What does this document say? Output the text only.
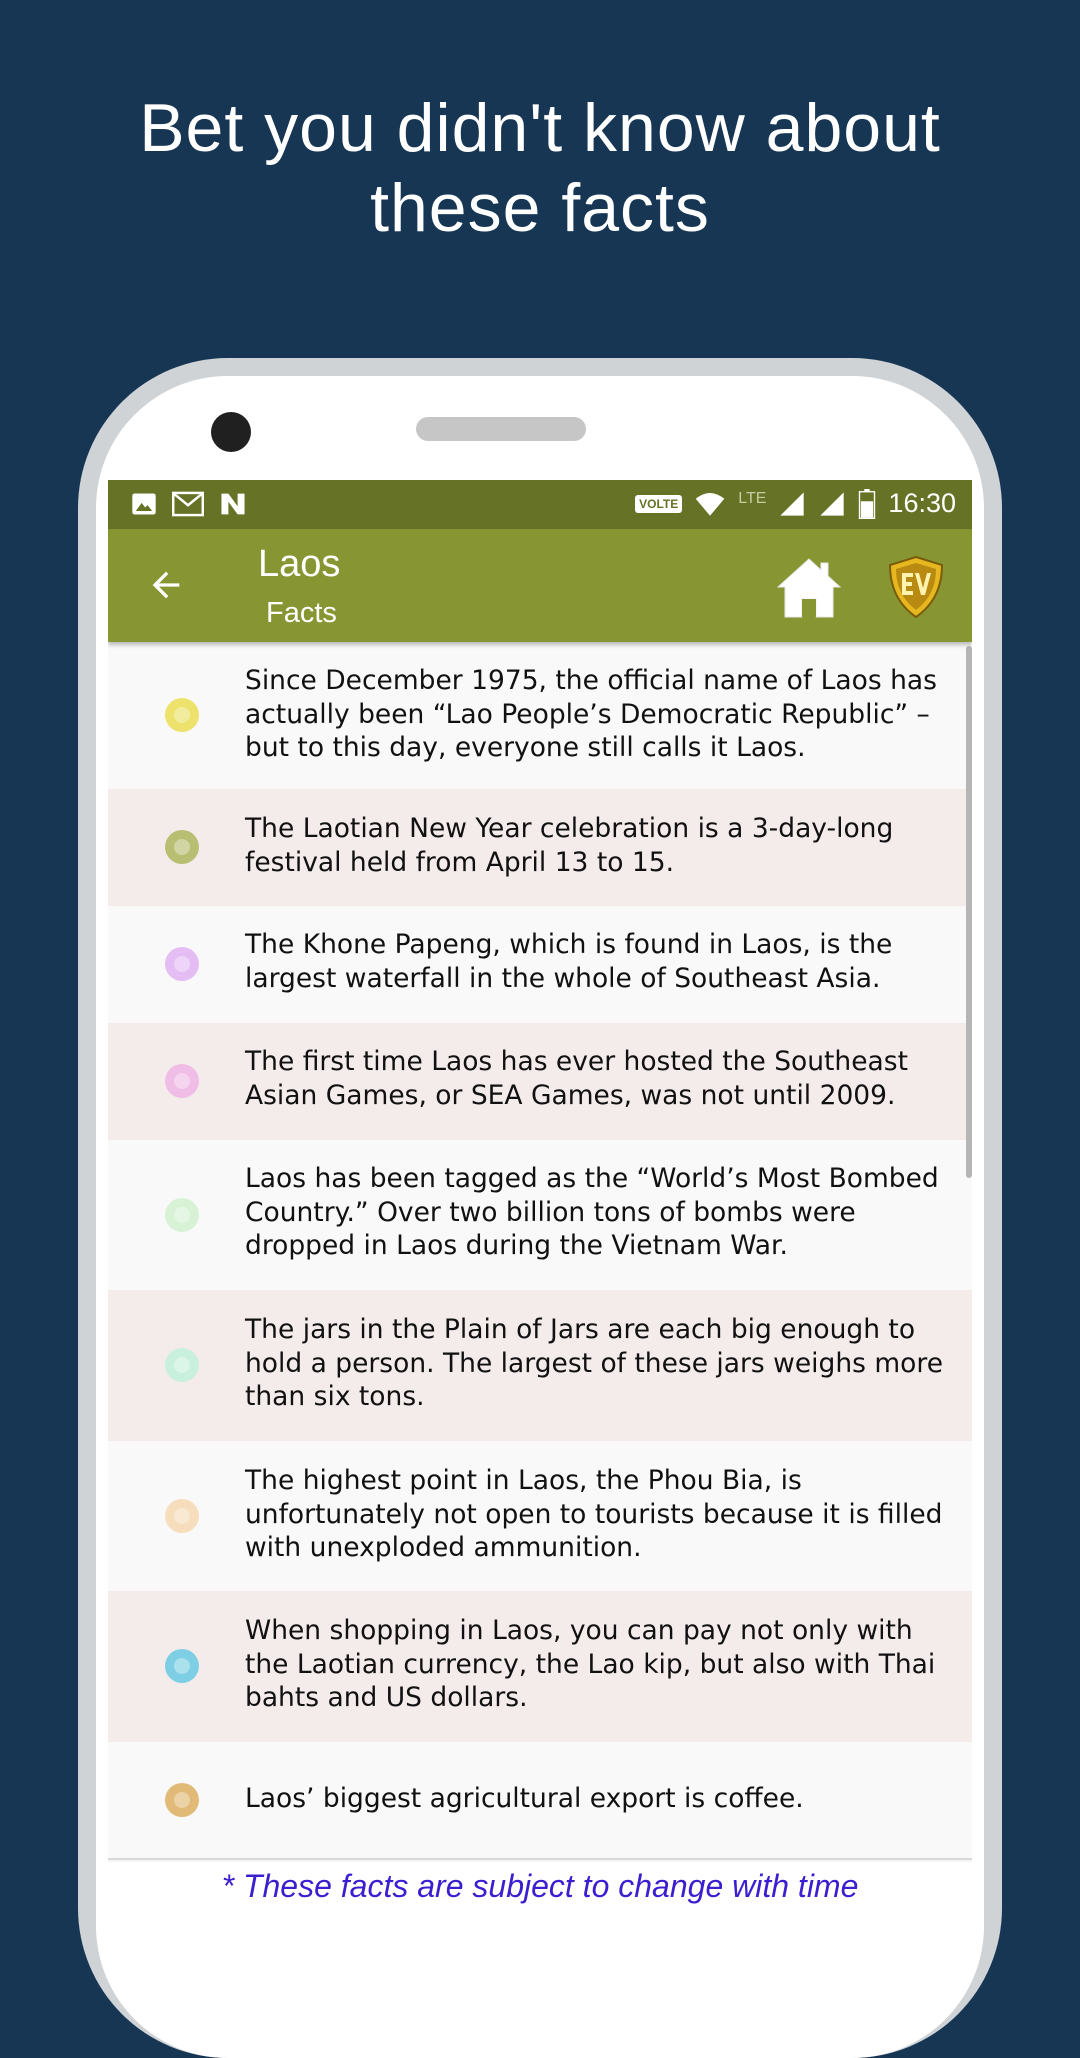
Bet you didn't know about
these facts
VOLTE	LTE	16:30
Laos
Facts
Since December 1975, the official name of Laos has actually been “Lao People’s Democratic Republic” – but to this day, everyone still calls it Laos.
The Laotian New Year celebration is a 3-day-long festival held from April 13 to 15.
The Khone Papeng, which is found in Laos, is the largest waterfall in the whole of Southeast Asia.
The first time Laos has ever hosted the Southeast Asian Games, or SEA Games, was not until 2009.
Laos has been tagged as the “World’s Most Bombed Country.” Over two billion tons of bombs were dropped in Laos during the Vietnam War.
The jars in the Plain of Jars are each big enough to hold a person. The largest of these jars weighs more than six tons.
The highest point in Laos, the Phou Bia, is unfortunately not open to tourists because it is filled with unexploded ammunition.
When shopping in Laos, you can pay not only with the Laotian currency, the Lao kip, but also with Thai bahts and US dollars.
Laos’ biggest agricultural export is coffee.
* These facts are subject to change with time
